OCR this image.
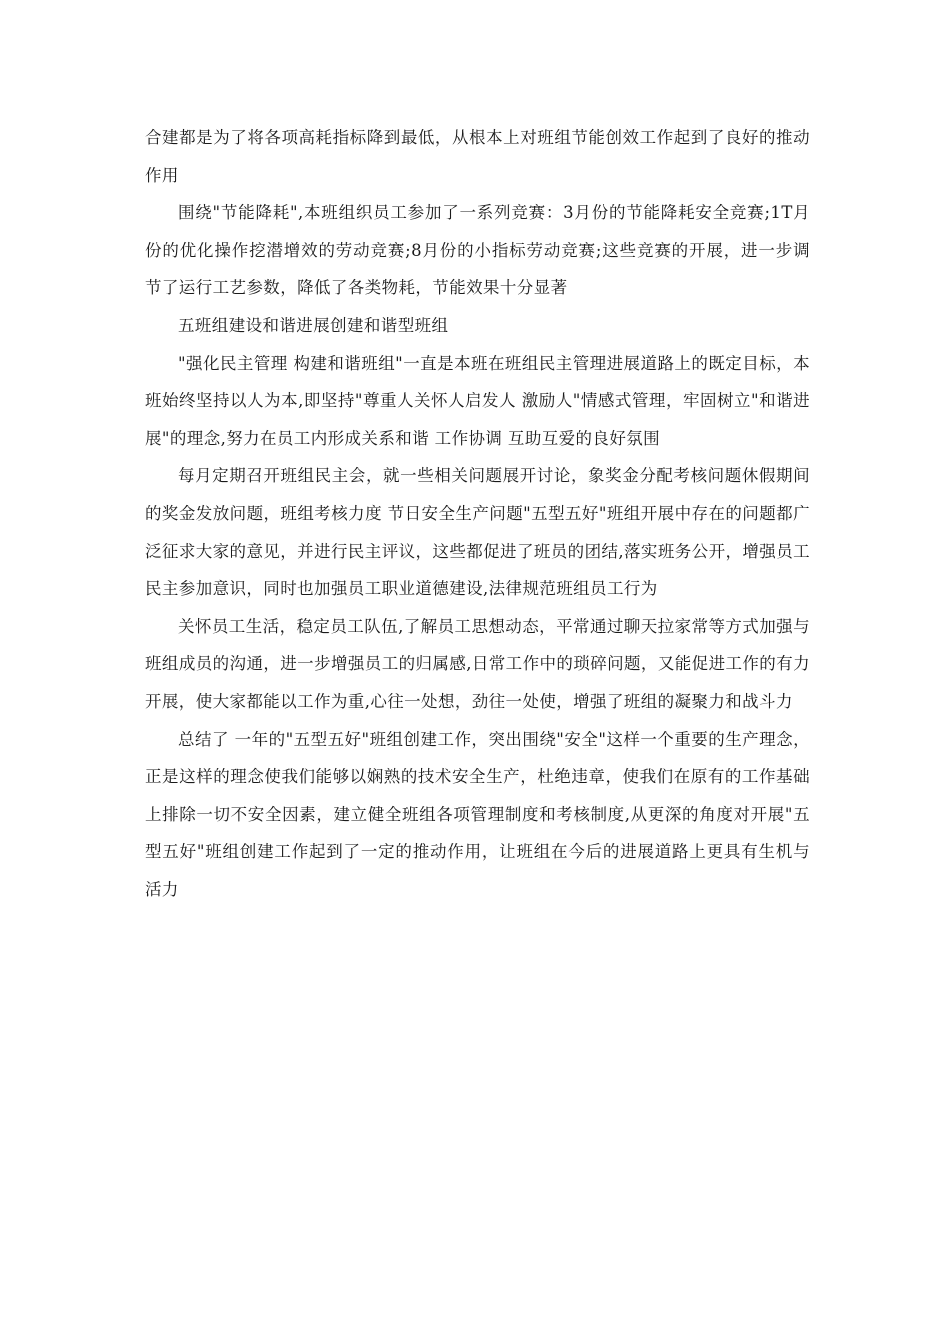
合建都是为了将各项高耗指标降到最低，从根本上对班组节能创效工作起到了良好的推动作用

围绕"节能降耗",本班组织员工参加了一系列竞赛：3月份的节能降耗安全竞赛;1T月份的优化操作挖潜增效的劳动竞赛;8月份的小指标劳动竞赛;这些竞赛的开展，进一步调节了运行工艺参数，降低了各类物耗，节能效果十分显著

五班组建设和谐进展创建和谐型班组

"强化民主管理 构建和谐班组"一直是本班在班组民主管理进展道路上的既定目标，本班始终坚持以人为本,即坚持"尊重人关怀人启发人 激励人"情感式管理，牢固树立"和谐进展"的理念,努力在员工内形成关系和谐 工作协调 互助互爱的良好氛围

每月定期召开班组民主会，就一些相关问题展开讨论，象奖金分配考核问题休假期间的奖金发放问题，班组考核力度 节日安全生产问题"五型五好"班组开展中存在的问题都广泛征求大家的意见，并进行民主评议，这些都促进了班员的团结,落实班务公开，增强员工民主参加意识，同时也加强员工职业道德建设,法律规范班组员工行为

关怀员工生活，稳定员工队伍,了解员工思想动态，平常通过聊天拉家常等方式加强与班组成员的沟通，进一步增强员工的归属感,日常工作中的琐碎问题，又能促进工作的有力开展，使大家都能以工作为重,心往一处想，劲往一处使，增强了班组的凝聚力和战斗力

总结了 一年的"五型五好"班组创建工作，突出围绕"安全"这样一个重要的生产理念，正是这样的理念使我们能够以娴熟的技术安全生产，杜绝违章，使我们在原有的工作基础上排除一切不安全因素，建立健全班组各项管理制度和考核制度,从更深的角度对开展"五型五好"班组创建工作起到了一定的推动作用，让班组在今后的进展道路上更具有生机与活力
